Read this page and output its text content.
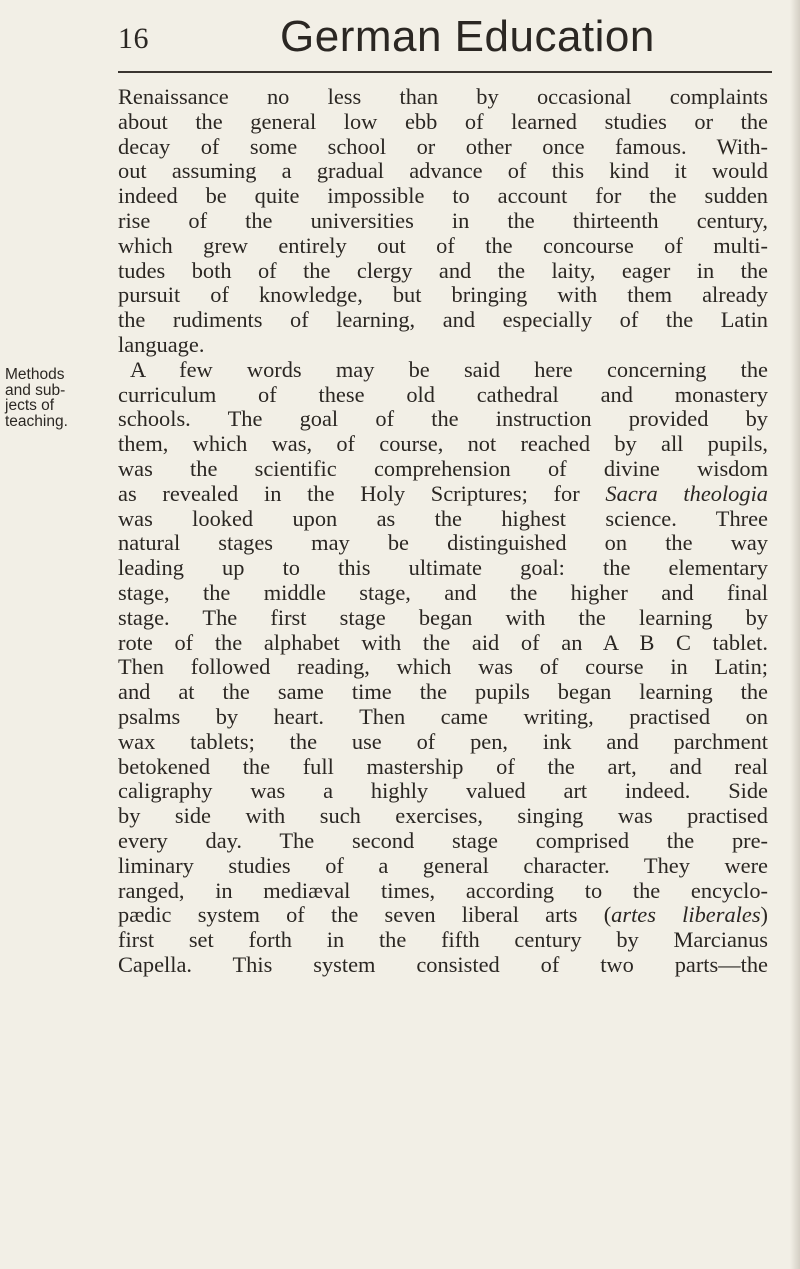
16	German Education
Methods
and sub-
jects of
teaching.
Renaissance no less than by occasional complaints
about the general low ebb of learned studies or the
decay of some school or other once famous. With-
out assuming a gradual advance of this kind it would
indeed be quite impossible to account for the sudden
rise of the universities in the thirteenth century,
which grew entirely out of the concourse of multi-
tudes both of the clergy and the laity, eager in the
pursuit of knowledge, but bringing with them already
the rudiments of learning, and especially of the Latin
language.
A few words may be said here concerning the
curriculum of these old cathedral and monastery
schools. The goal of the instruction provided by
them, which was, of course, not reached by all pupils,
was the scientific comprehension of divine wisdom
as revealed in the Holy Scriptures; for Sacra theologia
was looked upon as the highest science. Three
natural stages may be distinguished on the way
leading up to this ultimate goal: the elementary
stage, the middle stage, and the higher and final
stage. The first stage began with the learning by
rote of the alphabet with the aid of an A B C tablet.
Then followed reading, which was of course in Latin;
and at the same time the pupils began learning the
psalms by heart. Then came writing, practised on
wax tablets; the use of pen, ink and parchment
betokened the full mastership of the art, and real
caligraphy was a highly valued art indeed. Side
by side with such exercises, singing was practised
every day. The second stage comprised the pre-
liminary studies of a general character. They were
ranged, in mediæval times, according to the encyclo-
pædic system of the seven liberal arts (artes liberales)
first set forth in the fifth century by Marcianus
Capella. This system consisted of two parts—the
